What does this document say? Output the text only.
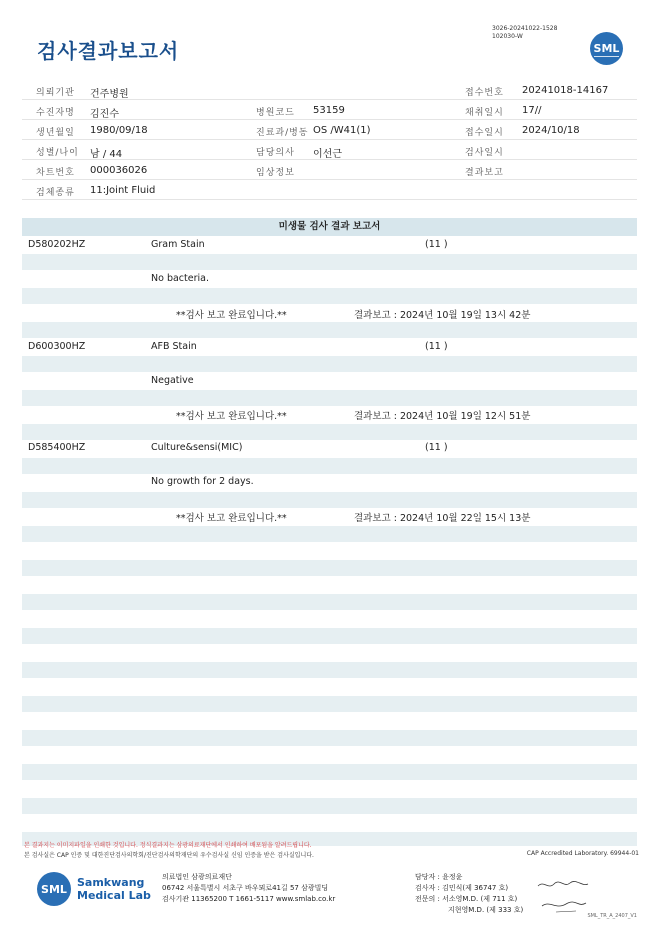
3026-20241022-1528
102030-W
검사결과보고서	SML
의뢰기관 건주병원	접수번호 20241018-14167
수진자명 김진수	병원코드 53159	채취일시 17//
생년월일 1980/09/18	진료과/병동 OS /W41(1)	접수일시 2024/10/18
성별/나이 남 / 44	담당의사 이선근	검사일시
차트번호 000036026	임상정보	결과보고
검체종류 11:Joint Fluid
미생물 검사 결과 보고서
D580202HZ	Gram Stain	(11 )
No bacteria.
**검사 보고 완료입니다.**	결과보고 : 2024년 10월 19일 13시 42분
D600300HZ	AFB Stain	(11 )
Negative
**검사 보고 완료입니다.**	결과보고 : 2024년 10월 19일 12시 51분
D585400HZ	Culture&sensi(MIC)	(11 )
No growth for 2 days.
**검사 보고 완료입니다.**	결과보고 : 2024년 10월 22일 15시 13분
본 결과지는 이미지파일을 인쇄한 것입니다. 정식결과지는 삼광의료재단에서 인쇄하여 배포됨을 알려드립니다.
본 검사실은 CAP 인증 및 대한진단검사의학회/진단검사의학재단의 우수검사실 신임 인증을 받은 검사실입니다.	CAP Accredited Laboratory. 69944-01
SML Samkwang
Medical Lab
의료법인 삼광의료재단
06742 서울특별시 서초구 바우뫼로41길 57 삼광빌딩
검사기관 11365200 T 1661-5117 www.smlab.co.kr
담당자 : 윤정윤
검사자 : 김민식(제 36747 호)
전문의 : 서소영M.D. (제 711 호)
지현영M.D. (제 333 호)
SML_TR_A_2407_V1
